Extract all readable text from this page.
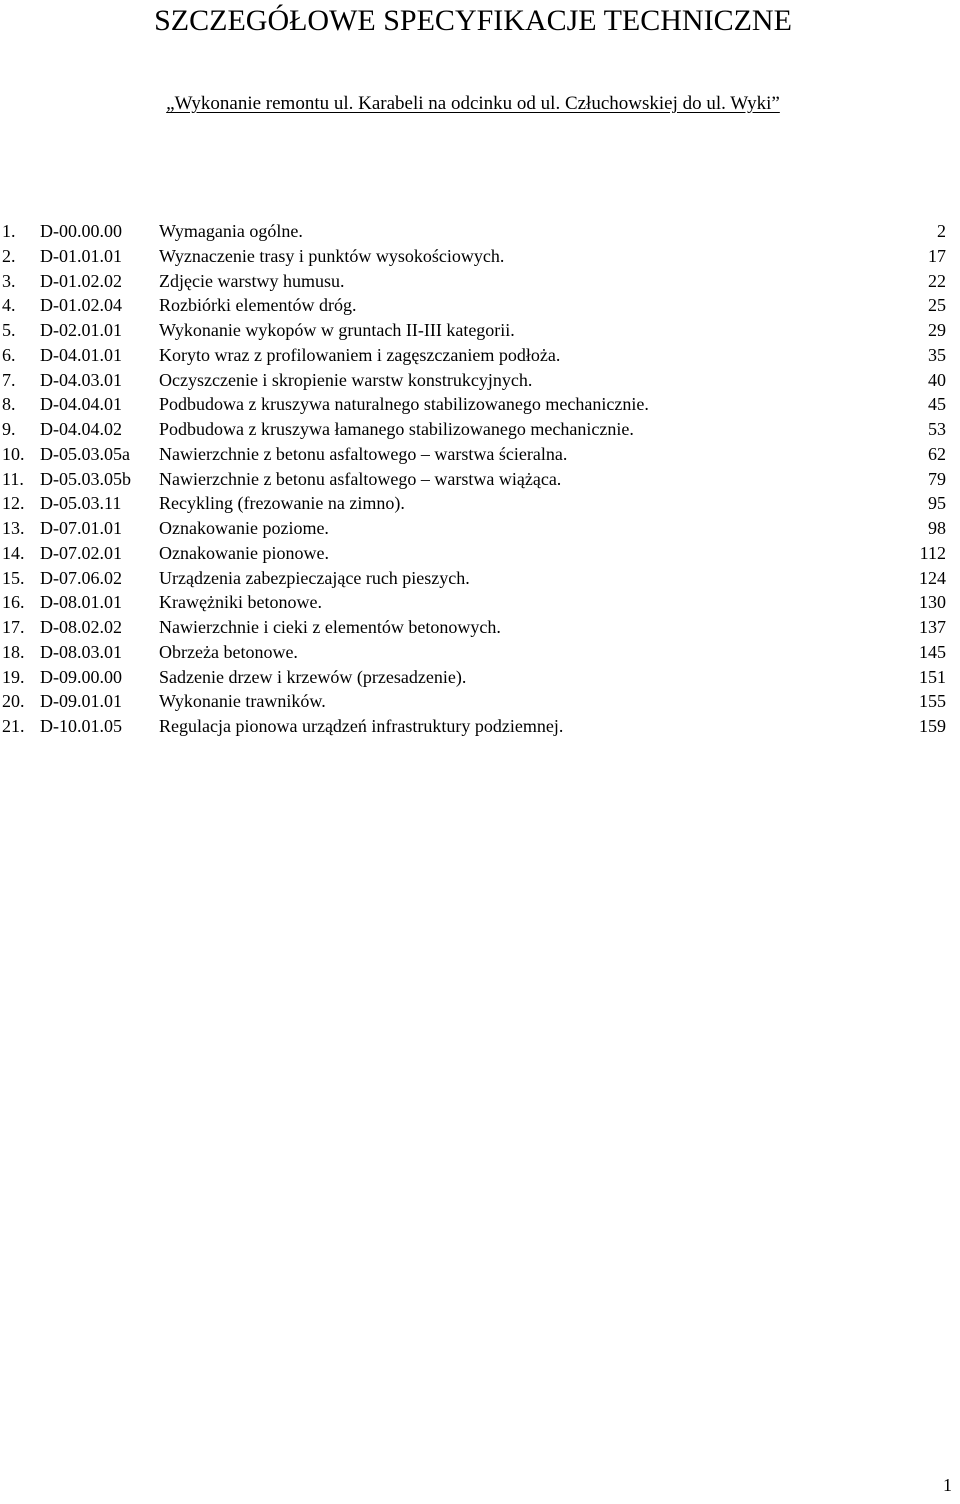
SZCZEGÓŁOWE SPECYFIKACJE TECHNICZNE
„Wykonanie remontu ul. Karabeli na odcinku od ul. Człuchowskiej do ul. Wyki”
1. D-00.00.00 Wymagania ogólne.	2
2. D-01.01.01 Wyznaczenie trasy i punktów wysokościowych.	17
3. D-01.02.02 Zdjęcie warstwy humusu.	22
4. D-01.02.04 Rozbiórki elementów dróg.	25
5. D-02.01.01 Wykonanie wykopów w gruntach II-III kategorii.	29
6. D-04.01.01 Koryto wraz z profilowaniem i zagęszczaniem podłoża.	35
7. D-04.03.01 Oczyszczenie i skropienie warstw konstrukcyjnych.	40
8. D-04.04.01 Podbudowa z kruszywa naturalnego stabilizowanego mechanicznie.	45
9. D-04.04.02 Podbudowa z kruszywa łamanego stabilizowanego mechanicznie.	53
10. D-05.03.05a Nawierzchnie z betonu asfaltowego – warstwa ścieralna.	62
11. D-05.03.05b Nawierzchnie z betonu asfaltowego – warstwa wiążąca.	79
12. D-05.03.11 Recykling (frezowanie na zimno).	95
13. D-07.01.01 Oznakowanie poziome.	98
14. D-07.02.01 Oznakowanie pionowe.	112
15. D-07.06.02 Urządzenia zabezpieczające ruch pieszych.	124
16. D-08.01.01 Krawężniki betonowe.	130
17. D-08.02.02 Nawierzchnie i cieki z elementów betonowych.	137
18. D-08.03.01 Obrzeża betonowe.	145
19. D-09.00.00 Sadzenie drzew i krzewów (przesadzenie).	151
20. D-09.01.01 Wykonanie trawników.	155
21. D-10.01.05 Regulacja pionowa urządzeń infrastruktury podziemnej.	159
1
